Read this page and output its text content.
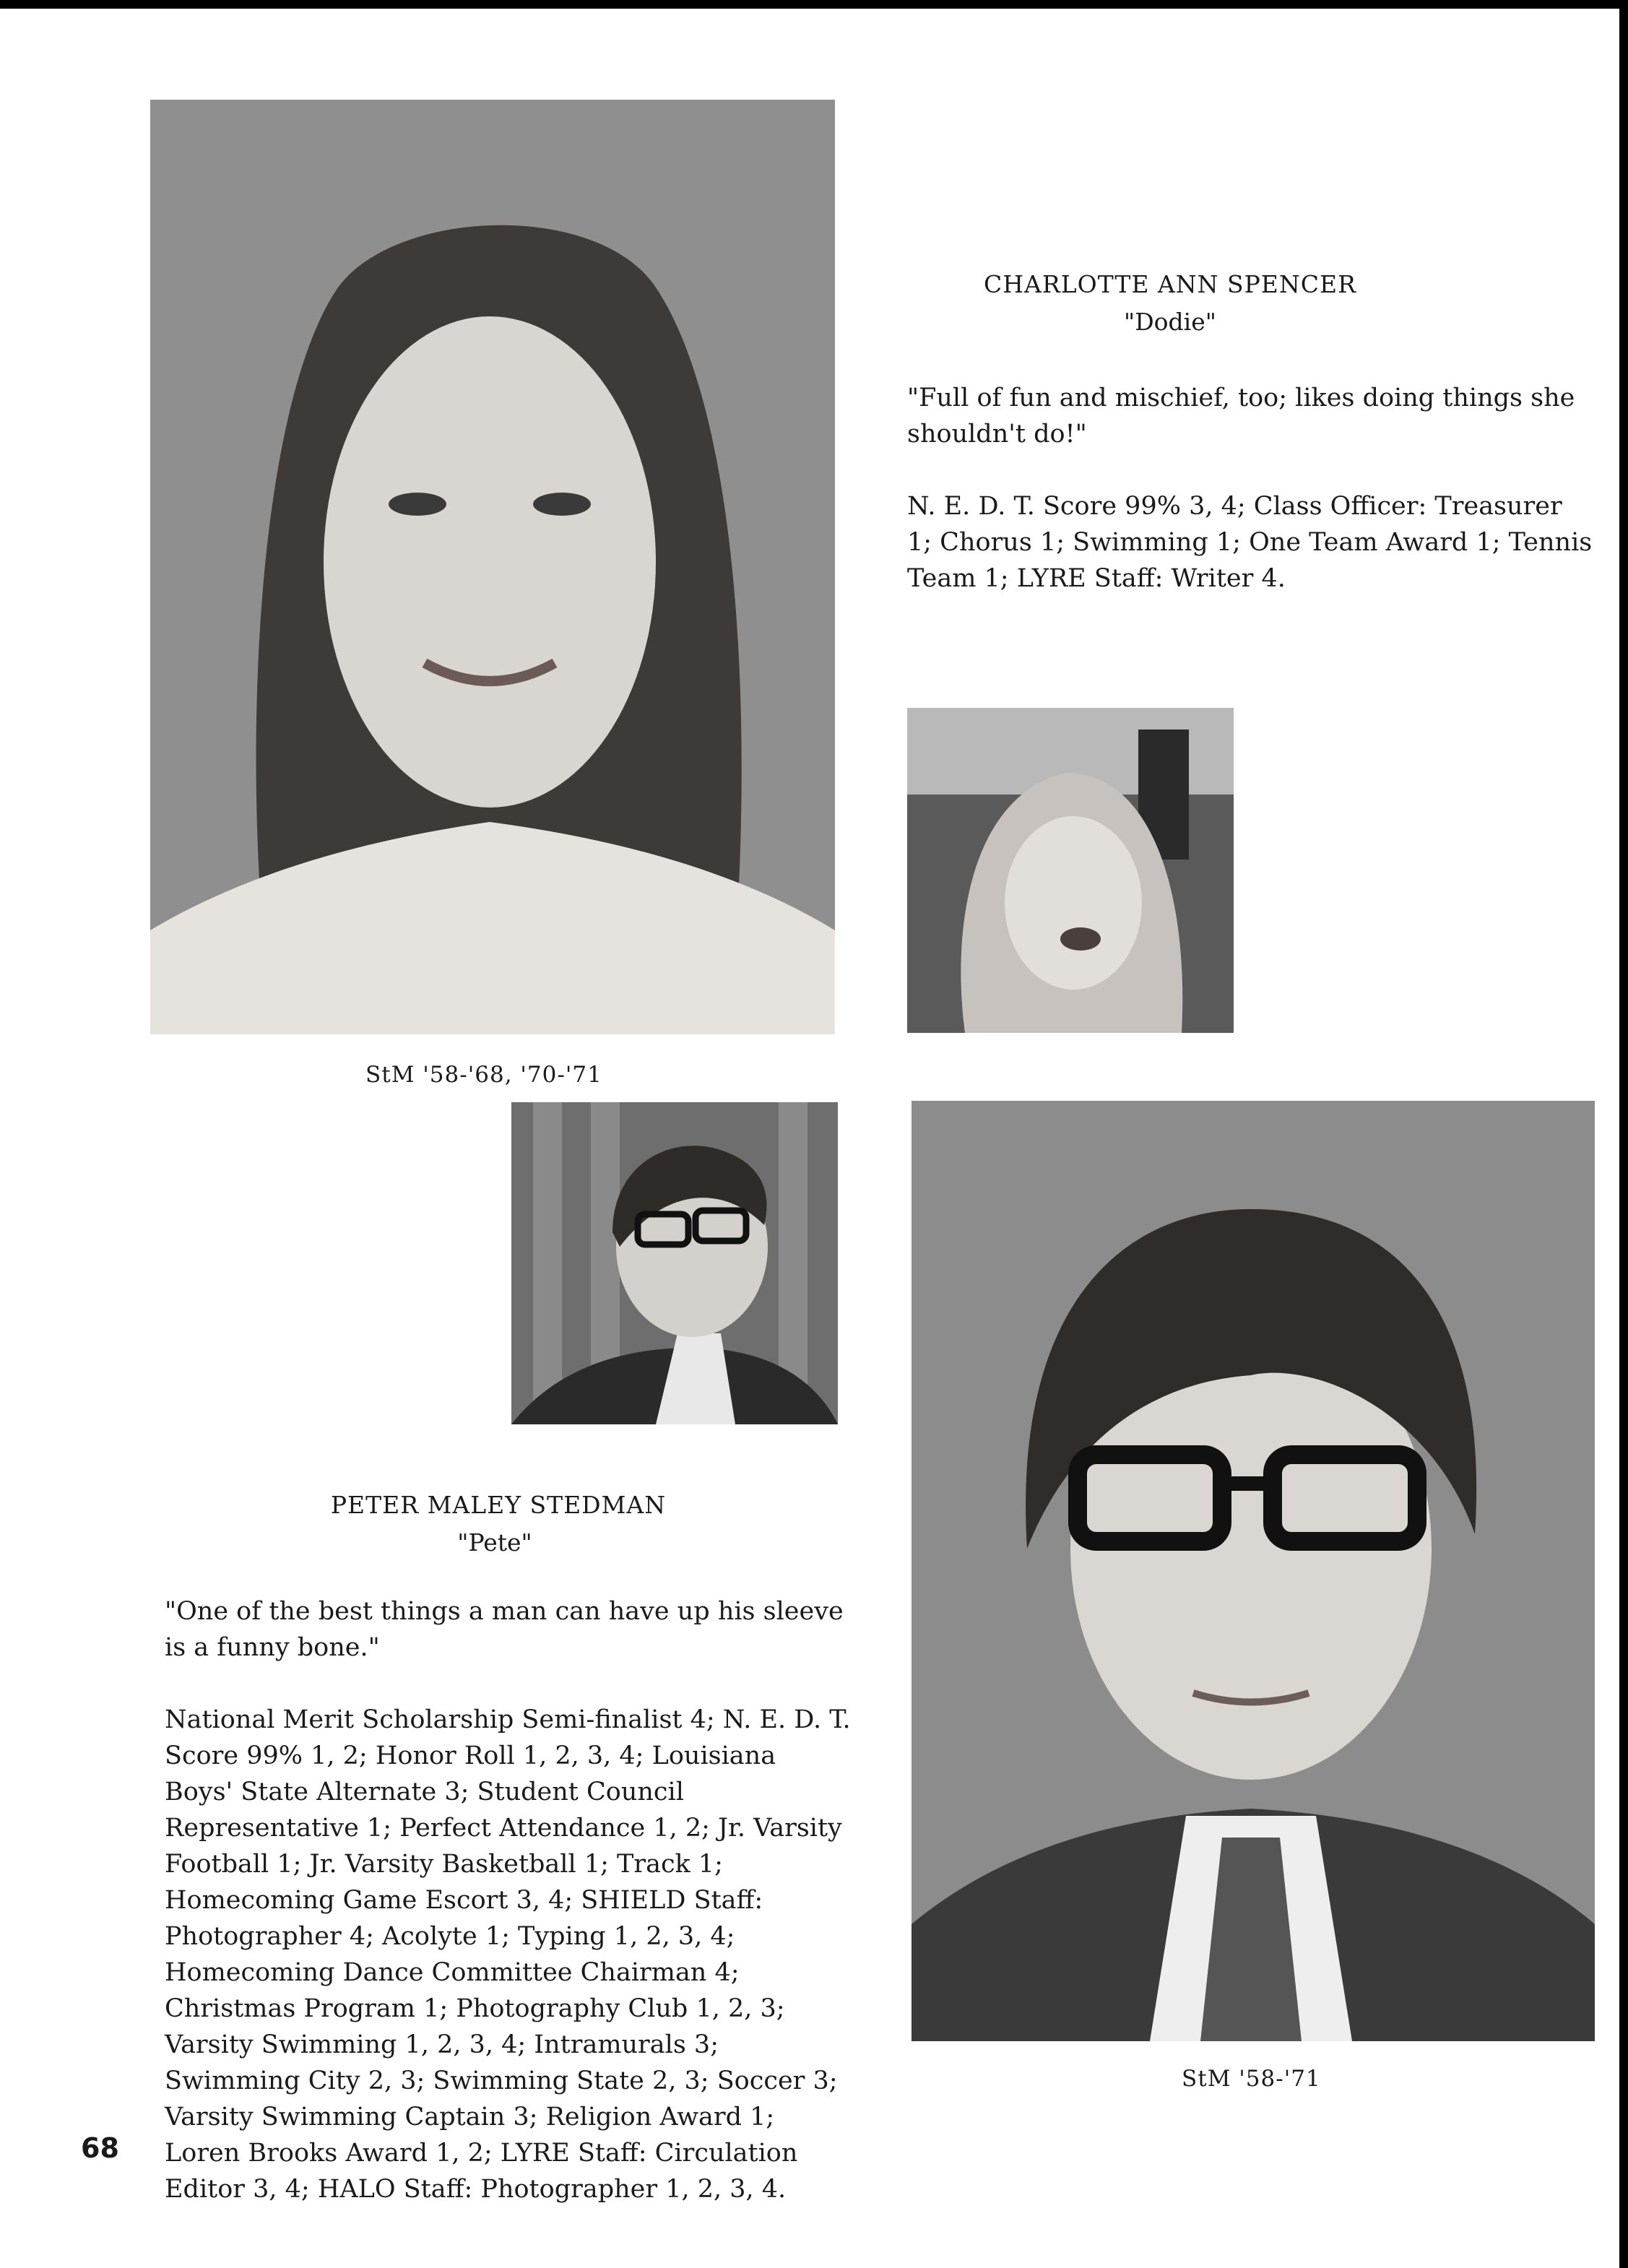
CHARLOTTE ANN SPENCER
"Dodie"
"Full of fun and mischief, too; likes doing things she shouldn't do!"
N. E. D. T. Score 99% 3, 4; Class Officer: Treasurer 1; Chorus 1; Swimming 1; One Team Award 1; Tennis Team 1; LYRE Staff: Writer 4.
StM '58-'68, '70-'71
PETER MALEY STEDMAN
"Pete"
"One of the best things a man can have up his sleeve is a funny bone."
National Merit Scholarship Semi-finalist 4; N. E. D. T. Score 99% 1, 2; Honor Roll 1, 2, 3, 4; Louisiana Boys' State Alternate 3; Student Council Representative 1; Perfect Attendance 1, 2; Jr. Varsity Football 1; Jr. Varsity Basketball 1; Track 1; Homecoming Game Escort 3, 4; SHIELD Staff: Photographer 4; Acolyte 1; Typing 1, 2, 3, 4; Homecoming Dance Committee Chairman 4; Christmas Program 1; Photography Club 1, 2, 3; Varsity Swimming 1, 2, 3, 4; Intramurals 3; Swimming City 2, 3; Swimming State 2, 3; Soccer 3; Varsity Swimming Captain 3; Religion Award 1; Loren Brooks Award 1, 2; LYRE Staff: Circulation Editor 3, 4; HALO Staff: Photographer 1, 2, 3, 4.
StM '58-'71
68
